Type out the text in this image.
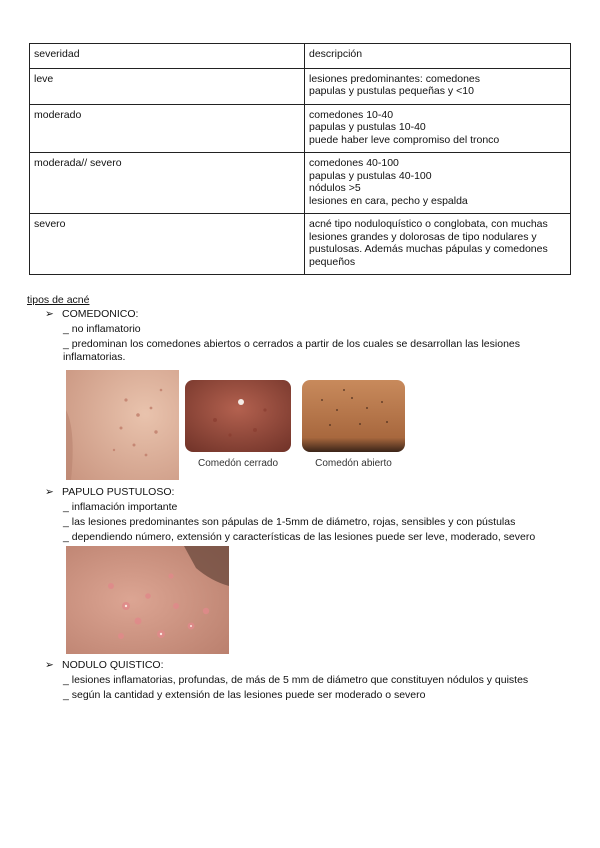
severidad	descripción
leve	lesiones predominantes: comedones
papulas y pustulas pequeñas y <10

moderado	comedones 10-40
papulas y pustulas 10-40
puede haber leve compromiso del tronco

moderada// severo	comedones 40-100
papulas y pustulas 40-100
nódulos >5
lesiones en cara, pecho y espalda

severo	acné tipo noduloquístico o conglobata, con muchas
lesiones grandes y dolorosas de tipo nodulares y
pustulosas. Además muchas pápulas y comedones
pequeños
tipos de acné
➢ COMEDONICO:
_ no inflamatorio
_ predominan los comedones abiertos o cerrados a partir de los cuales se desarrollan las lesiones inflamatorias.
Comedón cerrado	Comedón abierto
➢ PAPULO PUSTULOSO:
_ inflamación importante
_ las lesiones predominantes son pápulas de 1-5mm de diámetro, rojas, sensibles y con pústulas
_ dependiendo número, extensión y características de las lesiones puede ser leve, moderado, severo
➢ NODULO QUISTICO:
_ lesiones inflamatorias, profundas, de más de 5 mm de diámetro que constituyen nódulos y quistes
_ según la cantidad y extensión de las lesiones puede ser moderado o severo
